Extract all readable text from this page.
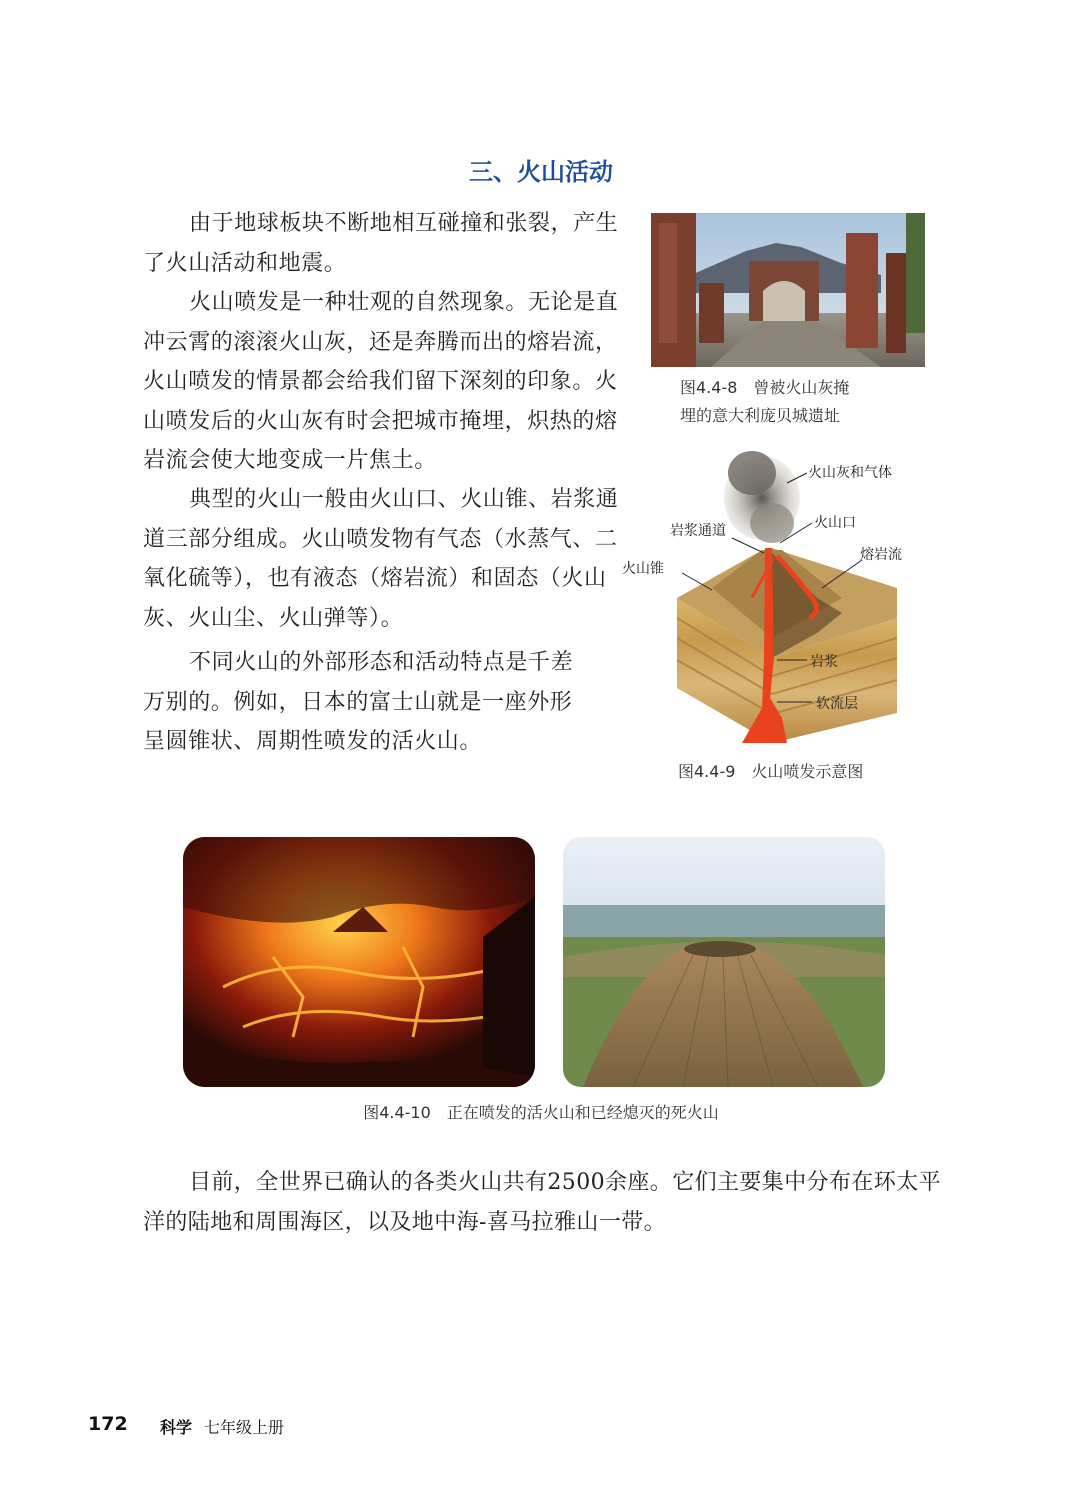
三、火山活动

由于地球板块不断地相互碰撞和张裂，产生了火山活动和地震。

火山喷发是一种壮观的自然现象。无论是直冲云霄的滚滚火山灰，还是奔腾而出的熔岩流，火山喷发的情景都会给我们留下深刻的印象。火山喷发后的火山灰有时会把城市掩埋，炽热的熔岩流会使大地变成一片焦土。

典型的火山一般由火山口、火山锥、岩浆通道三部分组成。火山喷发物有气态（水蒸气、二氧化硫等），也有液态（熔岩流）和固态（火山灰、火山尘、火山弹等）。

不同火山的外部形态和活动特点是千差万别的。例如，日本的富士山就是一座外形呈圆锥状、周期性喷发的活火山。

图4.4-8　曾被火山灰掩
埋的意大利庞贝城遗址
火山灰和气体
火山口
岩浆通道
熔岩流
火山锥
岩浆
软流层
图4.4-9　火山喷发示意图
图4.4-10　正在喷发的活火山和已经熄灭的死火山

目前，全世界已确认的各类火山共有2500余座。它们主要集中分布在环太平洋的陆地和周围海区，以及地中海-喜马拉雅山一带。

172 科学 七年级上册
